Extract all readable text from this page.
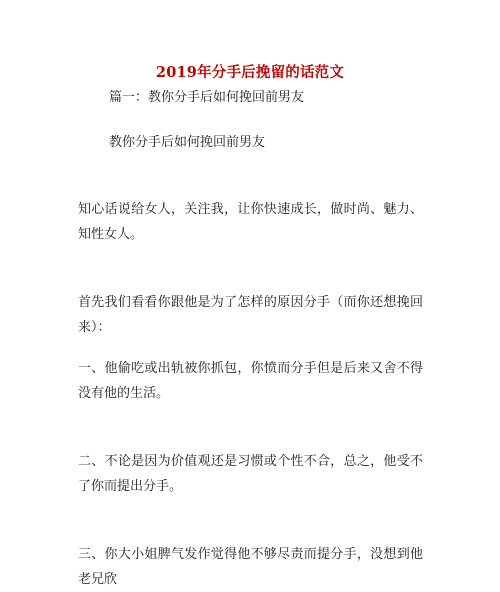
2019年分手后挽留的话范文
篇一：教你分手后如何挽回前男友
教你分手后如何挽回前男友
知心话说给女人，关注我，让你快速成长，做时尚、魅力、知性女人。
首先我们看看你跟他是为了怎样的原因分手（而你还想挽回来）：
一、他偷吃或出轨被你抓包，你愤而分手但是后来又舍不得没有他的生活。
二、不论是因为价值观还是习惯或个性不合，总之，他受不了你而提出分手。
三、你大小姐脾气发作觉得他不够尽责而提分手，没想到他老兄欣
